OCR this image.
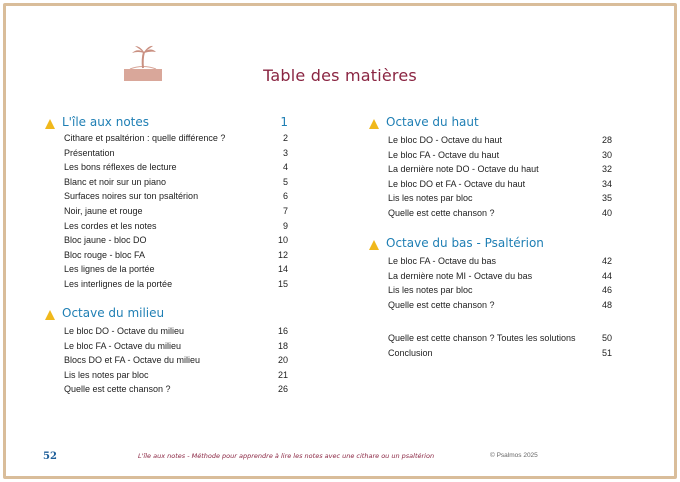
Table des matières
L'île aux notes	1
Cithare et psaltérion : quelle différence ?	2
Présentation	3
Les bons réflexes de lecture	4
Blanc et noir sur un piano	5
Surfaces noires sur ton psaltérion	6
Noir, jaune et rouge	7
Les cordes et les notes	9
Bloc jaune - bloc DO	10
Bloc rouge - bloc FA	12
Les lignes de la portée	14
Les interlignes de la portée	15
Octave du milieu
Le bloc DO - Octave du milieu	16
Le bloc FA - Octave du milieu	18
Blocs DO et FA - Octave du milieu	20
Lis les notes par bloc	21
Quelle est cette chanson ?	26
Octave du haut
Le bloc DO - Octave du haut	28
Le bloc FA - Octave du haut	30
La dernière note DO - Octave du haut	32
Le bloc DO et FA - Octave du haut	34
Lis les notes par bloc	35
Quelle est cette chanson ?	40
Octave du bas - Psaltérion
Le bloc FA - Octave du bas	42
La dernière note MI - Octave du bas	44
Lis les notes par bloc	46
Quelle est cette chanson ?	48
Quelle est cette chanson ? Toutes les solutions	50
Conclusion	51
52	L'île aux notes - Méthode pour apprendre à lire les notes avec une cithare ou un psaltérion	© Psalmos 2025
